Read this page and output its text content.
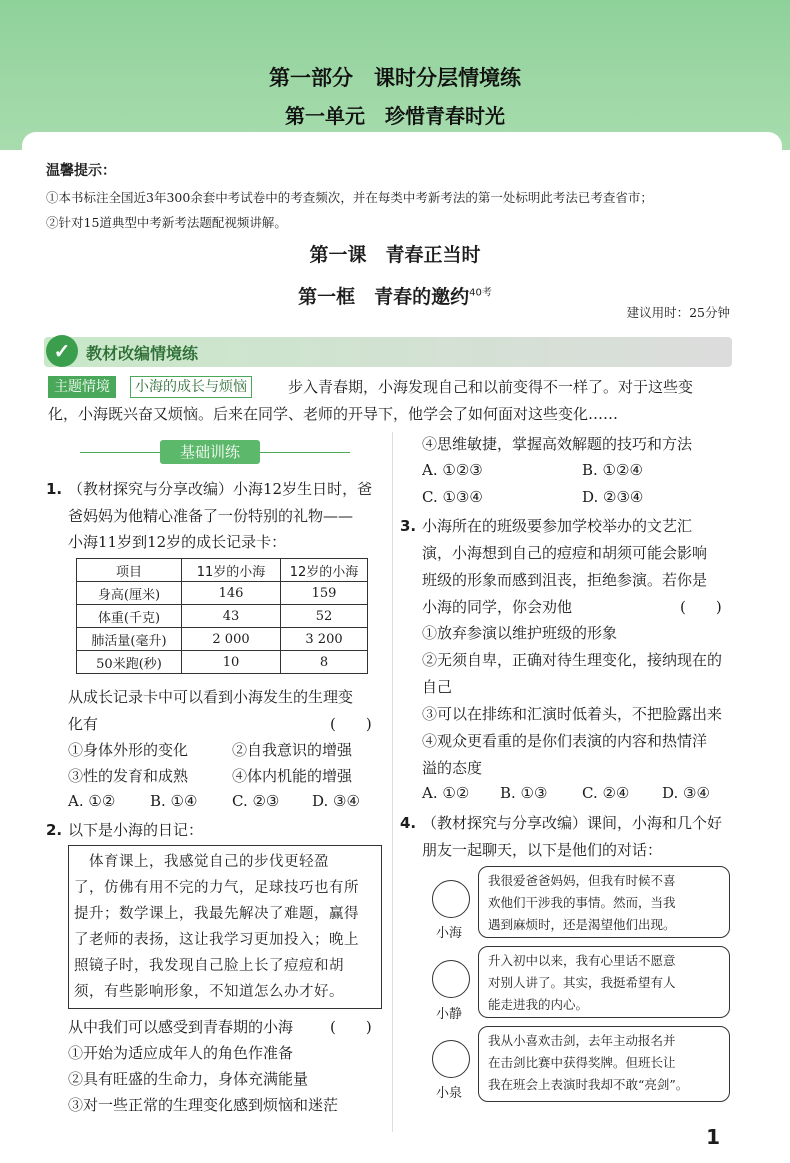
第一部分　课时分层情境练
第一单元　珍惜青春时光
温馨提示：
①本书标注全国近3年300余套中考试卷中的考查频次，并在每类中考新考法的第一处标明此考法已考查省市；
②针对15道典型中考新考法题配视频讲解。
第一课　青春正当时
第一框　青春的邀约$^{40考}$
建议用时：25分钟
✓ 教材改编情境练
主题情境	小海的成长与烦恼	步入青春期，小海发现自己和以前变得不一样了。对于这些变
化，小海既兴奋又烦恼。后来在同学、老师的开导下，他学会了如何面对这些变化……
基础训练
1. （教材探究与分享改编）小海12岁生日时，爸
爸妈妈为他精心准备了一份特别的礼物——
小海11岁到12岁的成长记录卡：
项目	11岁的小海	12岁的小海
身高(厘米)	146	159
体重(千克)	43	52
肺活量(毫升)	2 000	3 200
50米跑(秒)	10	8
从成长记录卡中可以看到小海发生的生理变
化有	(　　)
①身体外形的变化	②自我意识的增强
③性的发育和成熟	④体内机能的增强
A. ①② B. ①④ C. ②③ D. ③④
2. 以下是小海的日记：
　体育课上，我感觉自己的步伐更轻盈
了，仿佛有用不完的力气，足球技巧也有所
提升；数学课上，我最先解决了难题，赢得
了老师的表扬，这让我学习更加投入；晚上
照镜子时，我发现自己脸上长了痘痘和胡
须，有些影响形象，不知道怎么办才好。
从中我们可以感受到青春期的小海 (　　)
①开始为适应成年人的角色作准备
②具有旺盛的生命力，身体充满能量
③对一些正常的生理变化感到烦恼和迷茫
④思维敏捷，掌握高效解题的技巧和方法
A. ①②③	B. ①②④
C. ①③④	D. ②③④
3. 小海所在的班级要参加学校举办的文艺汇
演，小海想到自己的痘痘和胡须可能会影响
班级的形象而感到沮丧，拒绝参演。若你是
小海的同学，你会劝他	(　　)
①放弃参演以维护班级的形象
②无须自卑，正确对待生理变化，接纳现在的
自己
③可以在排练和汇演时低着头，不把脸露出来
④观众更看重的是你们表演的内容和热情洋
溢的态度
A. ①② B. ①③ C. ②④ D. ③④
4. （教材探究与分享改编）课间，小海和几个好
朋友一起聊天，以下是他们的对话：
小海
我很爱爸爸妈妈，但我有时候不喜
欢他们干涉我的事情。然而，当我
遇到麻烦时，还是渴望他们出现。
小静
升入初中以来，我有心里话不愿意
对别人讲了。其实，我挺希望有人
能走进我的内心。
小泉
我从小喜欢击剑，去年主动报名并
在击剑比赛中获得奖牌。但班长让
我在班会上表演时我却不敢“亮剑”。
1
